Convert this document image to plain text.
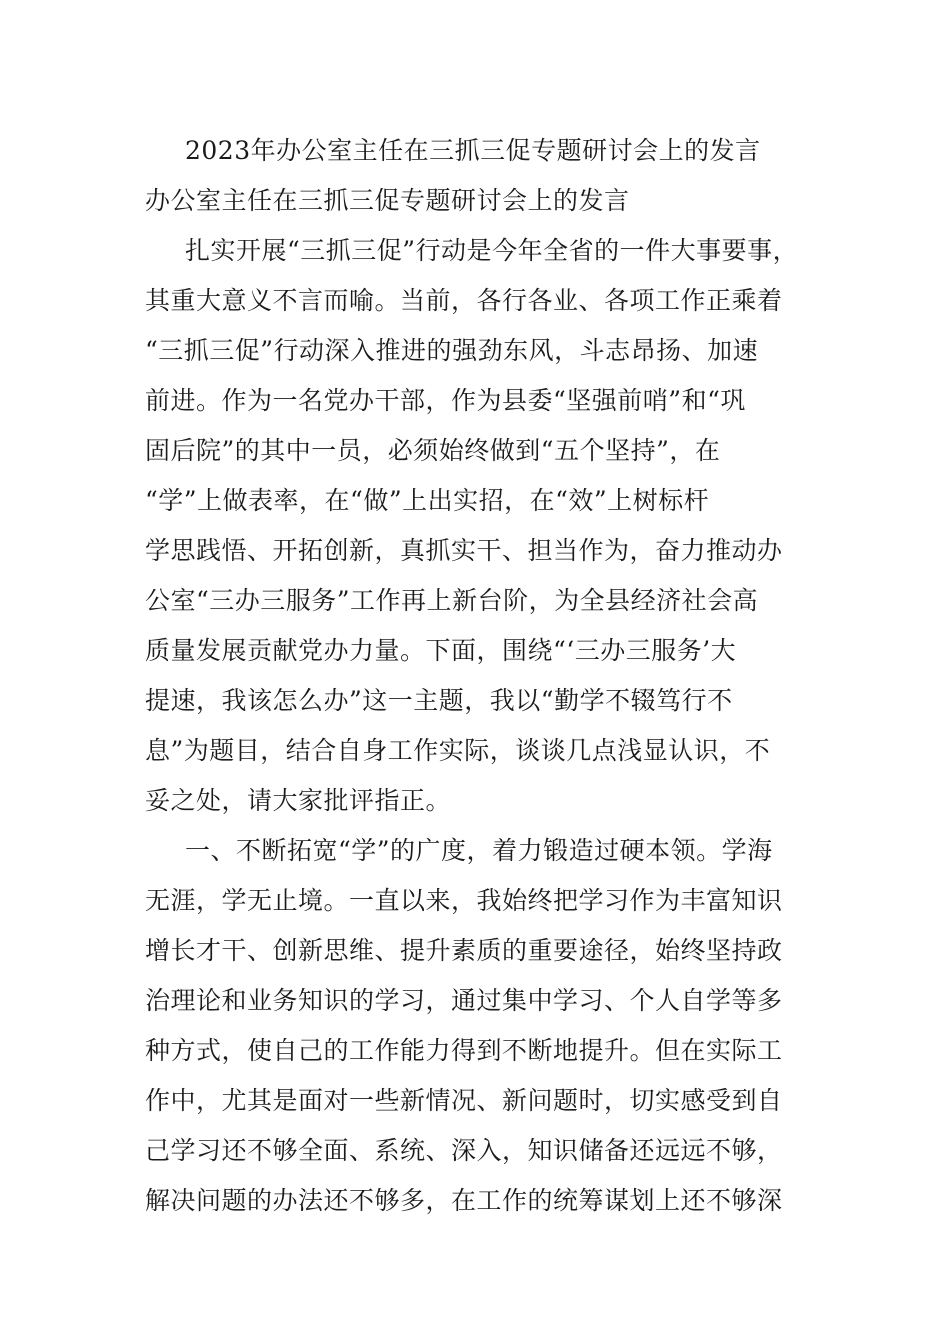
2023年办公室主任在三抓三促专题研讨会上的发言
办公室主任在三抓三促专题研讨会上的发言
扎实开展“三抓三促”行动是今年全省的一件大事要事，
其重大意义不言而喻。当前，各行各业、各项工作正乘着
“三抓三促”行动深入推进的强劲东风，斗志昂扬、加速
前进。作为一名党办干部，作为县委“坚强前哨”和“巩
固后院”的其中一员，必须始终做到“五个坚持”，在
“学”上做表率，在“做”上出实招，在“效”上树标杆
学思践悟、开拓创新，真抓实干、担当作为，奋力推动办
公室“三办三服务”工作再上新台阶，为全县经济社会高
质量发展贡献党办力量。下面，围绕“‘三办三服务’大
提速，我该怎么办”这一主题，我以“勤学不辍笃行不
息”为题目，结合自身工作实际，谈谈几点浅显认识，不
妥之处，请大家批评指正。
一、不断拓宽“学”的广度，着力锻造过硬本领。学海
无涯，学无止境。一直以来，我始终把学习作为丰富知识
增长才干、创新思维、提升素质的重要途径，始终坚持政
治理论和业务知识的学习，通过集中学习、个人自学等多
种方式，使自己的工作能力得到不断地提升。但在实际工
作中，尤其是面对一些新情况、新问题时，切实感受到自
己学习还不够全面、系统、深入，知识储备还远远不够，
解决问题的办法还不够多，在工作的统筹谋划上还不够深
